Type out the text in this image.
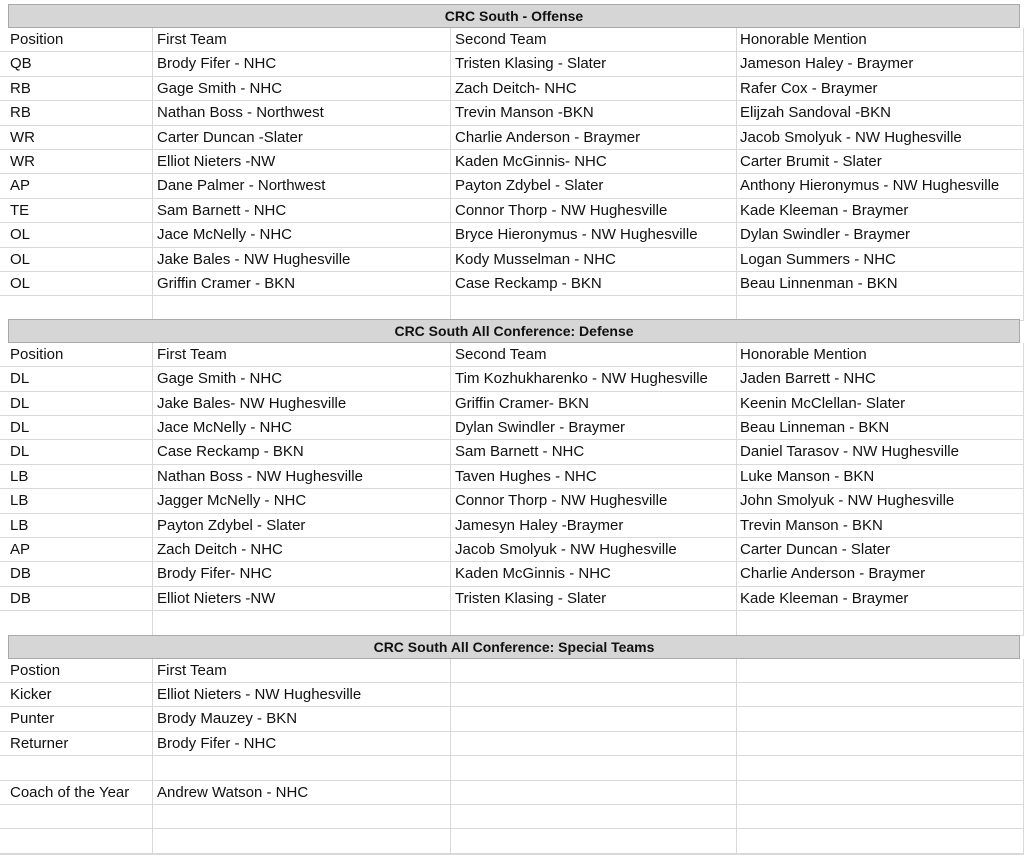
CRC South - Offense
Position	First Team	Second Team	Honorable Mention
QB	Brody Fifer - NHC	Tristen Klasing - Slater	Jameson Haley - Braymer
RB	Gage Smith - NHC	Zach Deitch- NHC	Rafer Cox - Braymer
RB	Nathan Boss - Northwest	Trevin Manson -BKN	Elijzah Sandoval -BKN
WR	Carter Duncan -Slater	Charlie Anderson - Braymer	Jacob Smolyuk - NW Hughesville
WR	Elliot Nieters -NW	Kaden McGinnis- NHC	Carter Brumit - Slater
AP	Dane Palmer - Northwest	Payton Zdybel - Slater	Anthony Hieronymus - NW Hughesville
TE	Sam Barnett - NHC	Connor Thorp - NW Hughesville	Kade Kleeman - Braymer
OL	Jace McNelly - NHC	Bryce Hieronymus - NW Hughesville	Dylan Swindler - Braymer
OL	Jake Bales - NW Hughesville	Kody Musselman - NHC	Logan Summers - NHC
OL	Griffin Cramer - BKN	Case Reckamp - BKN	Beau Linnenman - BKN
CRC South All Conference: Defense
Position	First Team	Second Team	Honorable Mention
DL	Gage Smith - NHC	Tim Kozhukharenko - NW Hughesville	Jaden Barrett - NHC
DL	Jake Bales- NW Hughesville	Griffin Cramer- BKN	Keenin McClellan- Slater
DL	Jace McNelly - NHC	Dylan Swindler - Braymer	Beau Linneman - BKN
DL	Case Reckamp - BKN	Sam Barnett - NHC	Daniel Tarasov - NW Hughesville
LB	Nathan Boss - NW Hughesville	Taven Hughes - NHC	Luke Manson - BKN
LB	Jagger McNelly - NHC	Connor Thorp - NW Hughesville	John Smolyuk - NW Hughesville
LB	Payton Zdybel - Slater	Jamesyn Haley -Braymer	Trevin Manson - BKN
AP	Zach Deitch - NHC	Jacob Smolyuk - NW Hughesville	Carter Duncan - Slater
DB	Brody Fifer- NHC	Kaden McGinnis - NHC	Charlie Anderson - Braymer
DB	Elliot Nieters -NW	Tristen Klasing - Slater	Kade Kleeman - Braymer
CRC South All Conference: Special Teams
Postion	First Team
Kicker	Elliot Nieters - NW Hughesville
Punter	Brody Mauzey - BKN
Returner	Brody Fifer - NHC
Coach of the Year	Andrew Watson - NHC
